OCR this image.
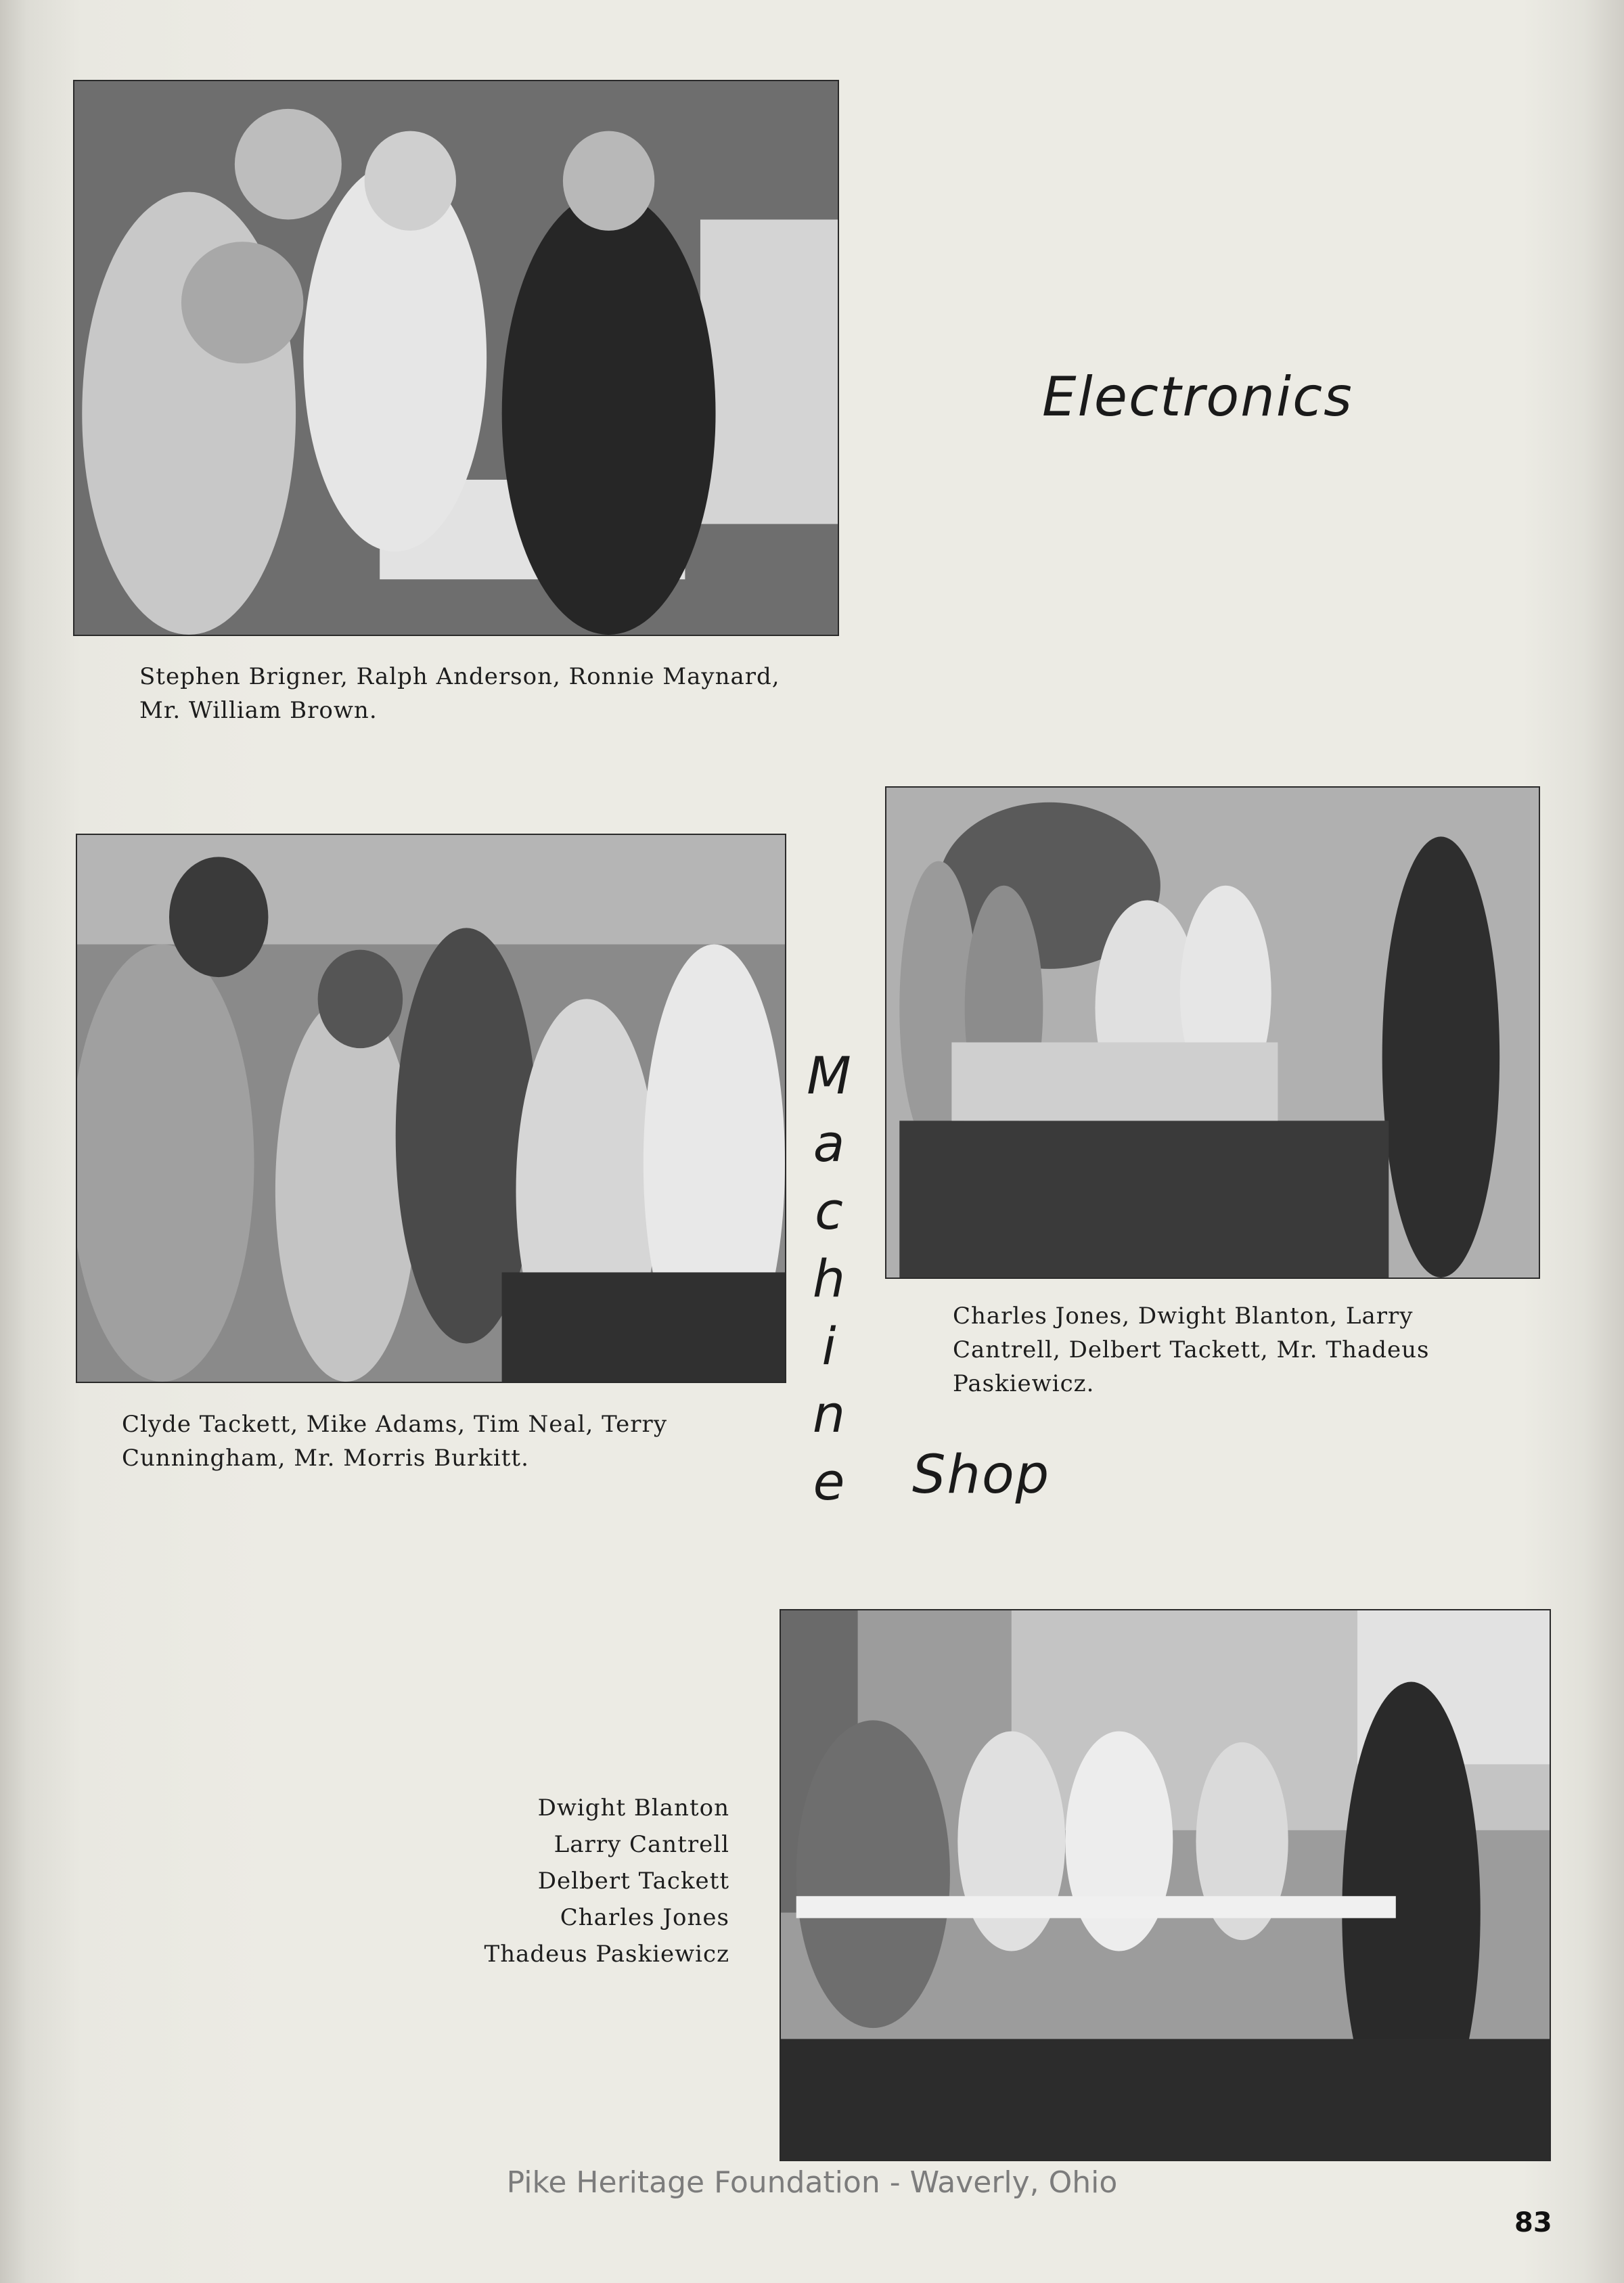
Electronics
Stephen Brigner, Ralph Anderson, Ronnie Maynard,
Mr. William Brown.
Clyde Tackett, Mike Adams, Tim Neal, Terry
Cunningham, Mr. Morris Burkitt.
M
a
c
h
i
n
e Shop
Charles Jones, Dwight Blanton, Larry
Cantrell, Delbert Tackett, Mr. Thadeus
Paskiewicz.
Dwight Blanton
Larry Cantrell
Delbert Tackett
Charles Jones
Thadeus Paskiewicz
Pike Heritage Foundation - Waverly, Ohio
83
